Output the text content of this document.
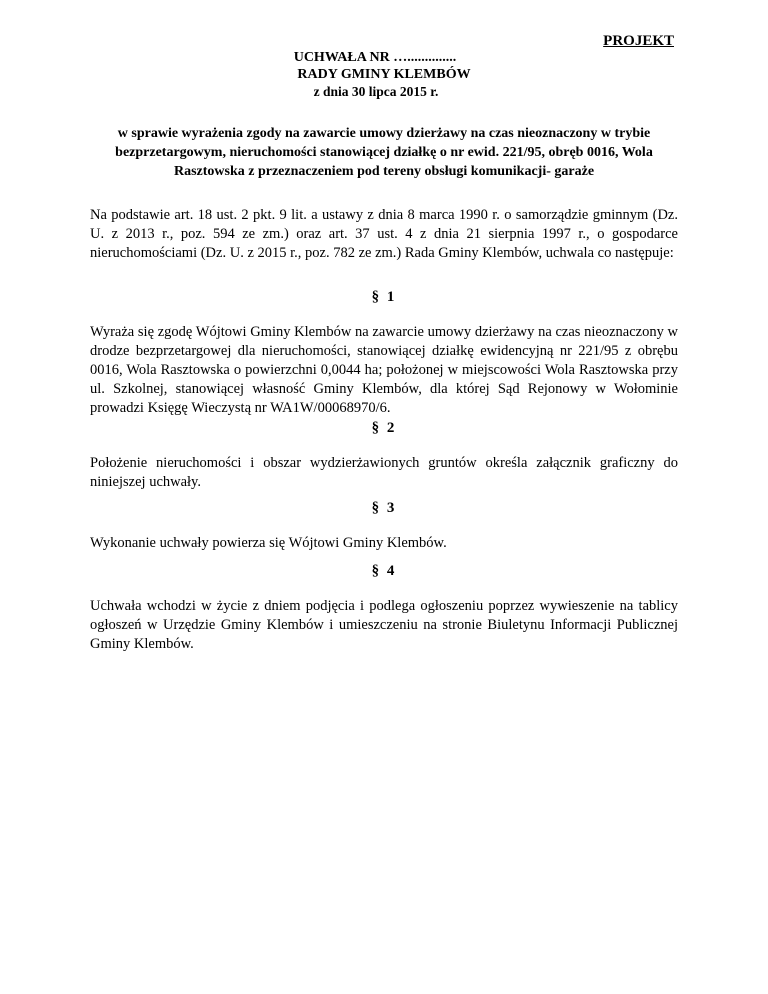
PROJEKT
UCHWAŁA NR …..............
RADY GMINY KLEMBÓW
z dnia 30 lipca 2015 r.
w sprawie wyrażenia zgody na zawarcie umowy dzierżawy na czas nieoznaczony w trybie bezprzetargowym, nieruchomości stanowiącej działkę o nr ewid. 221/95, obręb 0016, Wola Rasztowska z przeznaczeniem pod tereny obsługi komunikacji- garaże
Na podstawie art. 18 ust. 2 pkt. 9 lit. a ustawy z dnia 8 marca 1990 r. o samorządzie gminnym (Dz. U. z 2013 r., poz. 594 ze zm.) oraz art. 37 ust. 4 z dnia 21 sierpnia 1997 r., o gospodarce nieruchomościami (Dz. U. z 2015 r., poz. 782 ze zm.) Rada Gminy Klembów, uchwala co następuje:
§ 1
Wyraża się zgodę Wójtowi Gminy Klembów na zawarcie umowy dzierżawy na czas nieoznaczony w drodze bezprzetargowej dla nieruchomości, stanowiącej działkę ewidencyjną nr 221/95 z obrębu 0016, Wola Rasztowska o powierzchni 0,0044 ha; położonej w miejscowości Wola Rasztowska przy ul. Szkolnej, stanowiącej własność Gminy Klembów, dla której Sąd Rejonowy w Wołominie prowadzi Księgę Wieczystą nr WA1W/00068970/6.
§ 2
Położenie nieruchomości i obszar wydzierżawionych gruntów określa załącznik graficzny do niniejszej uchwały.
§ 3
Wykonanie uchwały powierza się Wójtowi Gminy Klembów.
§ 4
Uchwała wchodzi w życie z dniem podjęcia i podlega ogłoszeniu poprzez wywieszenie na tablicy ogłoszeń w Urzędzie Gminy Klembów i umieszczeniu na stronie Biuletynu Informacji Publicznej Gminy Klembów.
